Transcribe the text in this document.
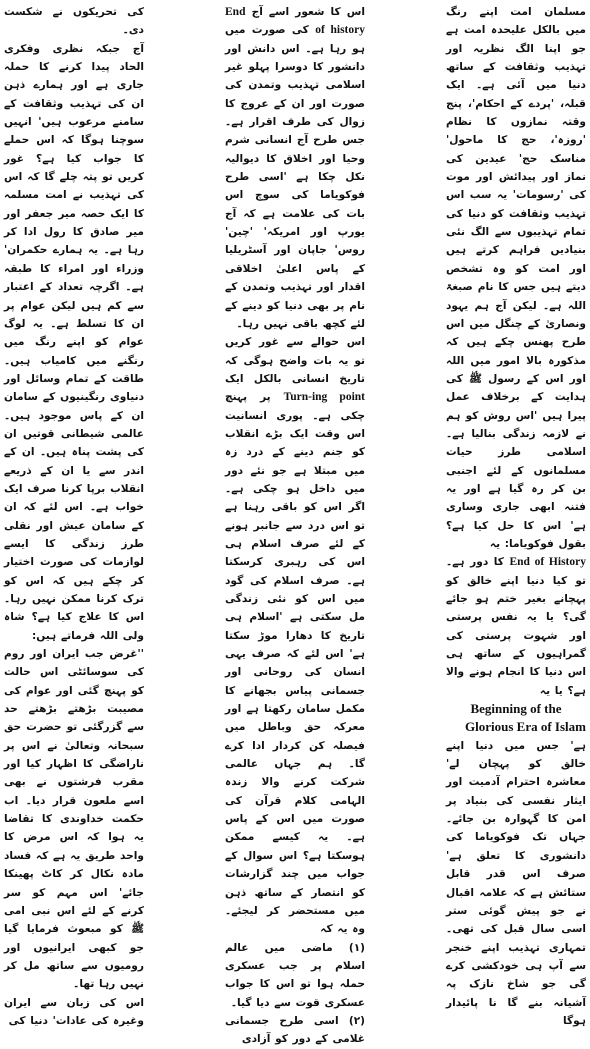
مسلمان امت اپنے رنگ میں بالکل علیحدہ امت ہے جو اپنا الگ نظریہ اور تہذیب وثقافت کے ساتھ دنیا میں آئی ہے۔ ایک قبلہ، 'پردے کے احکام'، پنج وقتہ نمازوں کا نظام 'روزہ'، حج کا ماحول' مناسک حج' عیدین کی نماز اور پیدائش اور موت کی 'رسومات' یہ سب اس تہذیب وثقافت کو دنیا کی تمام تہذیبوں سے الگ نئی بنیادیں فراہم کرتے ہیں اور امت کو وہ تشخص دیتے ہیں جس کا نام صبغۃ اللہ ہے۔ لیکن آج ہم یہود ونصاریٰ کے چنگل میں اس طرح پھنس چکے ہیں کہ مذکورہ بالا امور میں اللہ اور اس کے رسول ﷺ کی ہدایت کے برخلاف عمل پیرا ہیں 'اس روش کو ہم نے لازمہ زندگی بنالیا ہے۔ اسلامی طرز حیات مسلمانوں کے لئے اجنبی بن کر رہ گیا ہے اور یہ فتنہ ابھی جاری وساری ہے' اس کا حل کیا ہے؟ بقول فوکویاما: یہ

End of History کا دور ہے۔ تو کیا دنیا اپنے خالق کو پہچانے بغیر ختم ہو جائے گی؟ یا یہ نفس پرستی اور شہوت پرستی کی گمراہیوں کے ساتھ ہی اس دنیا کا انجام ہونے والا ہے؟ یا یہ

Beginning of the Glorious Era of Islam

ہے' جس میں دنیا اپنے خالق کو پہچان لے' معاشرہ احترام آدمیت اور ایثار نفسی کی بنیاد پر امن کا گہوارہ بن جائے۔ جہاں تک فوکویاما کی دانشوری کا تعلق ہے' صرف اس قدر قابل ستائش ہے کہ علامہ اقبال نے جو پیش گوئی ستر اسی سال قبل کی تھی۔ تمہاری تہذیب اپنے خنجر سے آپ ہی خودکشی کرے گی جو شاخ نازک پہ آشیانہ بنے گا نا پائیدار ہوگا

اس کا شعور اسے آج End of history کی صورت میں ہو رہا ہے۔ اس دانش اور دانشور کا دوسرا پہلو غیر اسلامی تہذیب وتمدن کی صورت اور ان کے عروج کا زوال کی طرف اقرار ہے۔ جس طرح آج انسانی شرم وحیا اور اخلاق کا دیوالیہ نکل چکا ہے 'اسی طرح فوکویاما کی سوچ اس بات کی علامت ہے کہ آج یورپ اور امریکہ' 'چین' روس' جاپان اور آسٹریلیا کے پاس اعلیٰ اخلاقی اقدار اور تہذیب وتمدن کے نام پر بھی دنیا کو دینے کے لئے کچھ باقی نہیں رہا۔

اس حوالے سے غور کریں تو یہ بات واضح ہوگی کہ تاریخ انسانی بالکل ایک Turn-ing point پر پہنچ چکی ہے۔ پوری انسانیت اس وقت ایک بڑے انقلاب کو جنم دینے کے درد زہ میں مبتلا ہے جو نئے دور میں داخل ہو چکی ہے۔ اگر اس کو باقی رہنا ہے تو اس درد سے جانبر ہونے کے لئے صرف اسلام ہی اس کی رہبری کرسکتا ہے۔ صرف اسلام کی گود میں اس کو نئی زندگی مل سکتی ہے 'اسلام ہی تاریخ کا دھارا موڑ سکتا ہے' اس لئے کہ صرف یہی انسان کی روحانی اور جسمانی پیاس بجھانے کا مکمل سامان رکھتا ہے اور معرکہ حق وباطل میں فیصلہ کن کردار ادا کرے گا۔ ہم جہاں عالمی شرکت کرنے والا زندہ الہامی کلام قرآن کی صورت میں اس کے پاس ہے۔ یہ کیسے ممکن ہوسکتا ہے؟ اس سوال کے جواب میں چند گزارشات کو انتصار کے ساتھ ذہن میں مستحضر کر لیجئے۔ وہ یہ کہ

(۱) ماضی میں عالم اسلام پر جب عسکری حملہ ہوا تو اس کا جواب عسکری قوت سے دیا گیا۔

(۲) اسی طرح جسمانی غلامی کے دور کو آزادی

کی تحریکوں نے شکست دی۔

آج جبکہ نظری وفکری الحاد پیدا کرنے کا حملہ جاری ہے اور ہمارے ذہن ان کی تہذیب وثقافت کے سامنے مرعوب ہیں' انہیں سوچنا ہوگا کہ اس حملے کا جواب کیا ہے؟ غور کریں تو پتہ چلے گا کہ اس کی تہذیب نے امت مسلمہ کا ایک حصہ میر جعفر اور میر صادق کا رول ادا کر رہا ہے۔ یہ ہمارے حکمران' وزراء اور امراء کا طبقہ ہے۔ اگرچہ تعداد کے اعتبار سے کم ہیں لیکن عوام پر ان کا تسلط ہے۔ یہ لوگ عوام کو اپنے رنگ میں رنگنے میں کامیاب ہیں۔ طاقت کے تمام وسائل اور دنیاوی رنگینیوں کے سامان ان کے پاس موجود ہیں۔ عالمی شیطانی قوتیں ان کی پشت پناہ ہیں۔ ان کے اندر سے یا ان کے ذریعے انقلاب برپا کرنا صرف ایک خواب ہے۔ اس لئے کہ ان کے سامان عیش اور نقلی طرز زندگی کا ایسے لوازمات کی صورت اختیار کر چکے ہیں کہ اس کو ترک کرنا ممکن نہیں رہا۔ اس کا علاج کیا ہے؟ شاہ ولی اللہ فرماتے ہیں:

''غرض جب ایران اور روم کی سوسائٹی اس حالت کو پہنچ گئی اور عوام کی مصیبت بڑھتے بڑھتے حد سے گزرگئی تو حضرت حق سبحانہ وتعالیٰ نے اس پر ناراضگی کا اظہار کیا اور مقرب فرشتوں نے بھی اسے ملعون قرار دیا۔ اب حکمت خداوندی کا تقاضا یہ ہوا کہ اس مرض کا واحد طریق یہ ہے کہ فساد مادہ نکال کر کاٹ پھینکا جائے' اس مہم کو سر کرنے کے لئے اس نبی امی ﷺ کو مبعوث فرمایا گیا جو کبھی ایرانیوں اور رومیوں سے ساتھ مل کر نہیں رہا تھا۔

اس کی زبان سے ایران وغیرہ کی عادات' دنیا کی
